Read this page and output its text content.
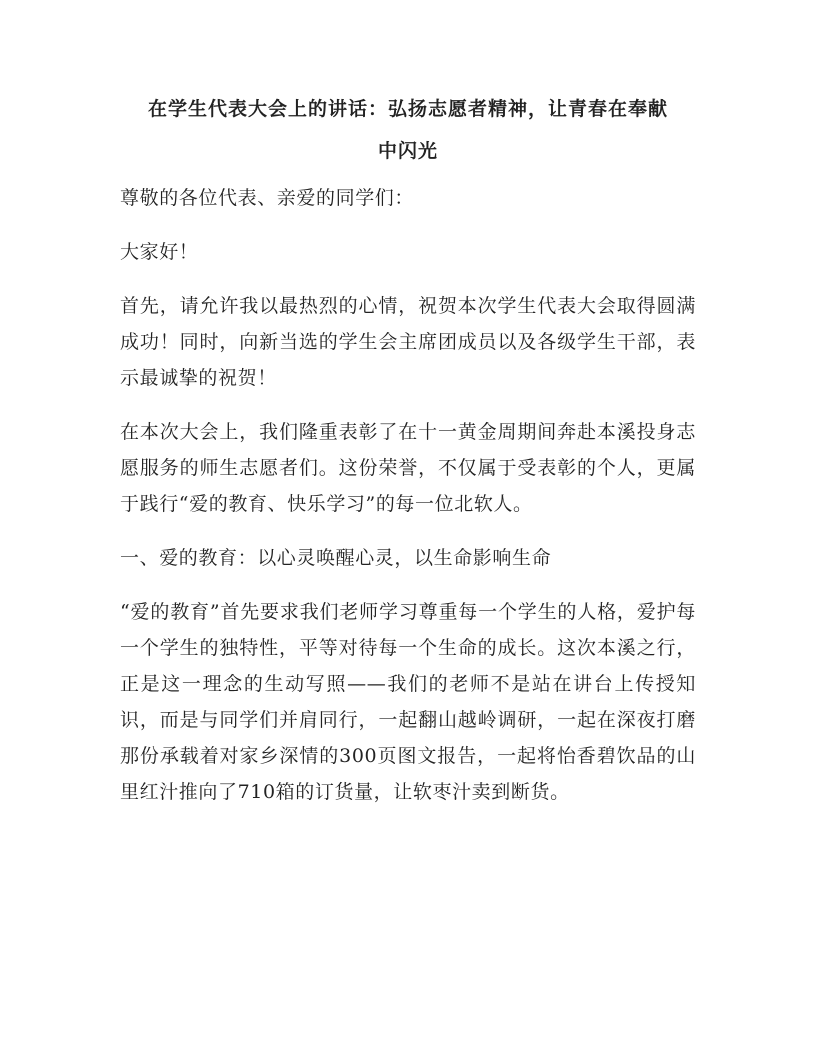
在学生代表大会上的讲话：弘扬志愿者精神，让青春在奉献
中闪光

尊敬的各位代表、亲爱的同学们：

大家好！

首先，请允许我以最热烈的心情，祝贺本次学生代表大会取得圆满成功！同时，向新当选的学生会主席团成员以及各级学生干部，表示最诚挚的祝贺！

在本次大会上，我们隆重表彰了在十一黄金周期间奔赴本溪投身志愿服务的师生志愿者们。这份荣誉，不仅属于受表彰的个人，更属于践行“爱的教育、快乐学习”的每一位北软人。

一、爱的教育：以心灵唤醒心灵，以生命影响生命

“爱的教育”首先要求我们老师学习尊重每一个学生的人格，爱护每一个学生的独特性，平等对待每一个生命的成长。这次本溪之行，正是这一理念的生动写照——我们的老师不是站在讲台上传授知识，而是与同学们并肩同行，一起翻山越岭调研，一起在深夜打磨那份承载着对家乡深情的300页图文报告，一起将怡香碧饮品的山里红汁推向了710箱的订货量，让软枣汁卖到断货。
